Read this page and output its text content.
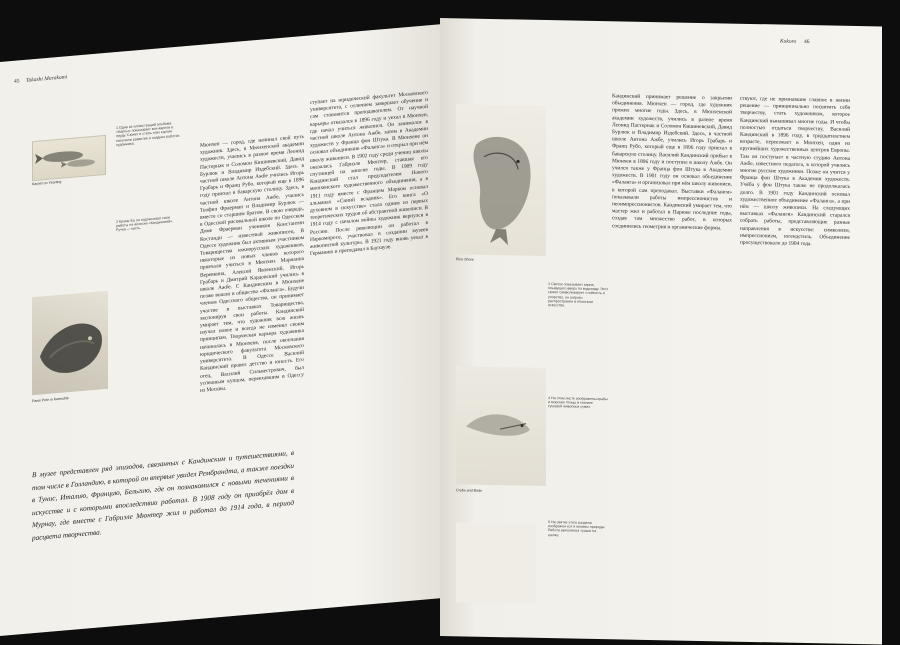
45 Takashi Murakami
Karpet on Yearling
1 Одна из иллюстраций альбома «Карпы» показывает кои-карпов в пруду. Сюжет и стиль этих картин получили развитие в поздних работах художника.
Paws Pole in Kaseuble
2 Кроме Ба он подписывал свои работы по-японски «Кандинский». Ручка — кисть.
Мюнхен — город, где начинал свой путь художник. Здесь, в Мюнхенской академии художеств, учились в разное время Леонид Пастернак и Соломон Кишиневский, Давид Бурлюк и Владимир Издебский. Здесь в частной школе Антона Ажбе учились Игорь Грабарь и Франц Рубо, который еще в 1896 году приехал в баварскую столицу. Здесь, в частной школе Антона Ажбе, учились Теофил Фраерман и Владимир Бурлюк — вместе со старшим братом. В свою очередь, в Одесской рисовальной школе по Одесском Доме Фраерман учеников Константин Костанди — известный живописец. В Одессе художник был активным участником Товарищества южнорусских художников, некоторые из новых членов которого приехали учиться в Мюнхен. Марианна Веревкина, Алексей Явленский, Игорь Грабарь и Дмитрий Кардовский учились в школе Ажбе. С Кандинским в Мюнхене позже вошли в общество «Фаланга». Будучи членом Одесского общества, он принимает участие в выставках Товарищества, экспонируя свои работы. Кандинский умирает тем, что художник всю жизнь изучал новое и всегда не изменял своим принципам. Творческая карьера художника начиналась в Мюнхене, после окончания юридического факультета Московского университета. В Одессе Василий Кандинский провел детство и юность. Его отец, Василий Сильвестрович, был успешным купцом, переехавшим в Одессу из Москвы.
В музее представлен ряд эпизодов, связанных с Кандинским и путешествиями, в том числе в Голландию, в которой он впервые увидел Рембрандта, а также поездки в Тунис, Италию, Францию, Бельгию, где он познакомился с новыми течениями в искусстве и с которыми впоследствии работал. В 1908 году он приобрёл дом в Мурнау, где вместе с Габриэле Мюнтер жил и работал до 1914 года, в период расцвета творчества.
Kokoro 46
Pine Shore
3 Свиток показывает карпа, плывущего вверх по водопаду. Этот сюжет символизирует стойкость и упорство, он широко распространён в японском искусстве.
Crabs and Birds
4 На этом листе изображены крабы и морские птицы в технике тушевой живописи сумиэ.
5 На свитке этого раздела изображен кот и мотивы природы. Работа выполнена тушью на шелке.
Кандинский принимает решение о закрытии объединения. Мюнхен — город, где художник прожил многие годы. Здесь, в Мюнхенской академии художеств, учились в разное время Леонид Пастернак и Соломон Кишиневский, Давид Бурлюк и Владимир Издебский. Здесь, в частной школе Антона Ажбе, учились Игорь Грабарь и Франц Рубо, который еще в 1896 году приехал в баварскую столицу. Василий Кандинский прибыл в Мюнхен в 1896 году и поступил в школу Ажбе. Он учился также у Франца фон Штука в Академии художеств. В 1901 году он основал объединение «Фаланга» и организовал при нём школу живописи, в которой сам преподавал. Выставки «Фаланги» показывали работы импрессионистов и неоимпрессионистов. Кандинский умирает тем, что мастер жил и работал в Париже последние годы, создав там множество работ, в которых соединились геометрия и органические формы.
ствуют, где не признавшие главное в жизни решение — принципиально посвятить себя творчеству, стать художником, которое Кандинский вынашивал многие годы. И чтобы полностью отдаться творчеству, Василий Кандинский в 1896 году, в тридцатилетнем возрасте, переезжает в Мюнхен, один из крупнейших художественных центров Европы. Там он поступает в частную студию Антона Ажбе, известного педагога, в которой учились многие русские художники. Позже он учится у Франца фон Штука в Академии художеств. Учёба у фон Штука также не продолжалась долго. В 1901 году Кандинский основал художественное объединение «Фаланга», а при нём — школу живописи. На следующих выставках «Фаланги» Кандинский старался собрать работы, представляющие разные направления в искусстве: символизм, импрессионизм, югендстиль. Объединение просуществовало до 1904 года.
ступает на юридический факультет Московского университета, с отличием завершает обучение и сам становится преподавателем. От научной карьеры отказался в 1896 году и уехал в Мюнхен, где начал учиться живописи. Он занимался в частной школе Антона Ажбе, затем в Академии художеств у Франца фон Штука. В Мюнхене он основал объединение «Фаланга» и открыл при нём школу живописи. В 1902 году среди учениц школы оказалась Габриэле Мюнтер, ставшая его спутницей на многие годы. В 1909 году Кандинский стал председателем Нового мюнхенского художественного объединения, а в 1911 году вместе с Францем Марком основал альманах «Синий всадник». Его книга «О духовном в искусстве» стала одним из первых теоретических трудов об абстрактной живописи. В 1914 году с началом войны художник вернулся в Россию. После революции он работал в Наркомпросе, участвовал в создании музеев живописной культуры. В 1921 году вновь уехал в Германию и преподавал в Баухаузе.
